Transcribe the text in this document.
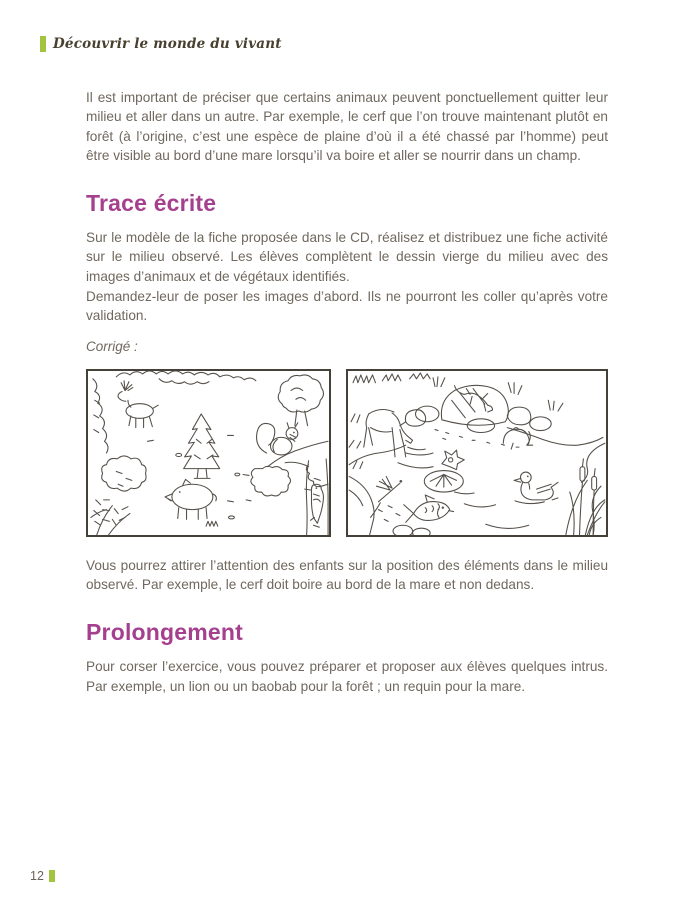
Découvrir le monde du vivant

Il est important de préciser que certains animaux peuvent ponctuellement quitter leur milieu et aller dans un autre. Par exemple, le cerf que l’on trouve maintenant plutôt en forêt (à l’origine, c’est une espèce de plaine d’où il a été chassé par l’homme) peut être visible au bord d’une mare lorsqu’il va boire et aller se nourrir dans un champ.

Trace écrite

Sur le modèle de la fiche proposée dans le CD, réalisez et distribuez une fiche activité sur le milieu observé. Les élèves complètent le dessin vierge du milieu avec des images d’animaux et de végétaux identifiés.

Demandez-leur de poser les images d’abord. Ils ne pourront les coller qu’après votre validation.

Corrigé :

Vous pourrez attirer l’attention des enfants sur la position des éléments dans le milieu observé. Par exemple, le cerf doit boire au bord de la mare et non dedans.

Prolongement

Pour corser l’exercice, vous pouvez préparer et proposer aux élèves quelques intrus. Par exemple, un lion ou un baobab pour la forêt ; un requin pour la mare.

12
